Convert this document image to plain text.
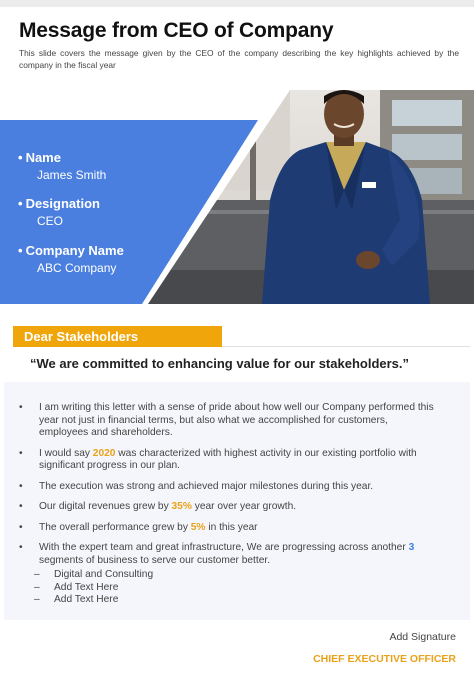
Message from CEO of Company
This slide covers the message given by the CEO of the company describing the key highlights achieved by the company in the fiscal year
• Name
James Smith
• Designation
CEO
• Company Name
ABC Company
Dear Stakeholders
“We are committed to enhancing value for our stakeholders.”
•	I am writing this letter with a sense of pride about how well our Company performed this year not just in financial terms, but also what we accomplished for customers, employees and shareholders.
•	I would say 2020 was characterized with highest activity in our existing portfolio with significant progress in our plan.
•	The execution was strong and achieved major milestones during this year.
•	Our digital revenues grew by 35% year over year growth.
•	The overall performance grew by 5% in this year
•	With the expert team and great infrastructure, We are progressing across another 3 segments of business to serve our customer better.
–	Digital and Consulting
–	Add Text Here
–	Add Text Here
Add Signature
CHIEF EXECUTIVE OFFICER
